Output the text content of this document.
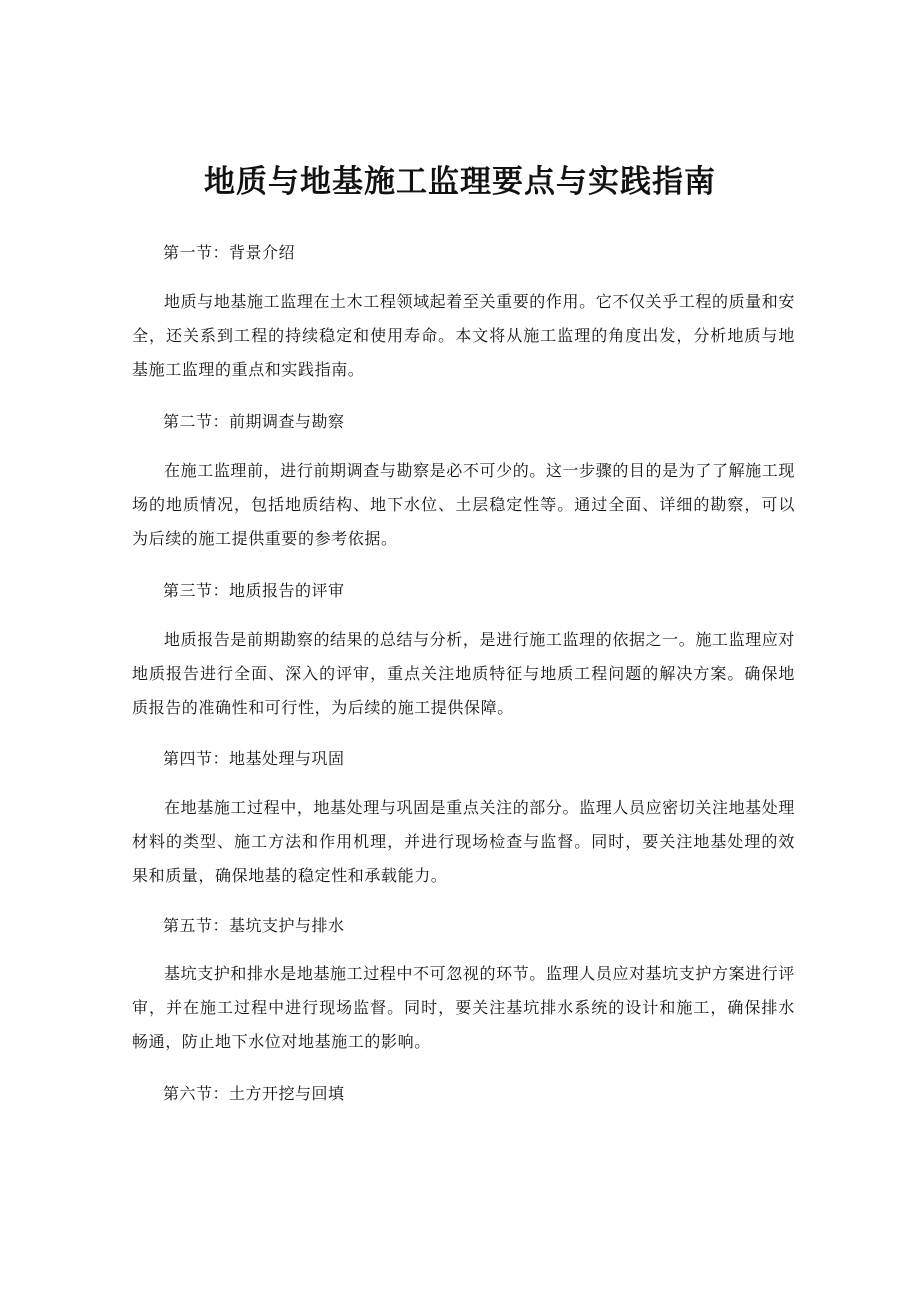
地质与地基施工监理要点与实践指南

第一节：背景介绍

地质与地基施工监理在土木工程领域起着至关重要的作用。它不仅关乎工程的质量和安全，还关系到工程的持续稳定和使用寿命。本文将从施工监理的角度出发，分析地质与地基施工监理的重点和实践指南。

第二节：前期调查与勘察

在施工监理前，进行前期调查与勘察是必不可少的。这一步骤的目的是为了了解施工现场的地质情况，包括地质结构、地下水位、土层稳定性等。通过全面、详细的勘察，可以为后续的施工提供重要的参考依据。

第三节：地质报告的评审

地质报告是前期勘察的结果的总结与分析，是进行施工监理的依据之一。施工监理应对地质报告进行全面、深入的评审，重点关注地质特征与地质工程问题的解决方案。确保地质报告的准确性和可行性，为后续的施工提供保障。

第四节：地基处理与巩固

在地基施工过程中，地基处理与巩固是重点关注的部分。监理人员应密切关注地基处理材料的类型、施工方法和作用机理，并进行现场检查与监督。同时，要关注地基处理的效果和质量，确保地基的稳定性和承载能力。

第五节：基坑支护与排水

基坑支护和排水是地基施工过程中不可忽视的环节。监理人员应对基坑支护方案进行评审，并在施工过程中进行现场监督。同时，要关注基坑排水系统的设计和施工，确保排水畅通，防止地下水位对地基施工的影响。

第六节：土方开挖与回填
